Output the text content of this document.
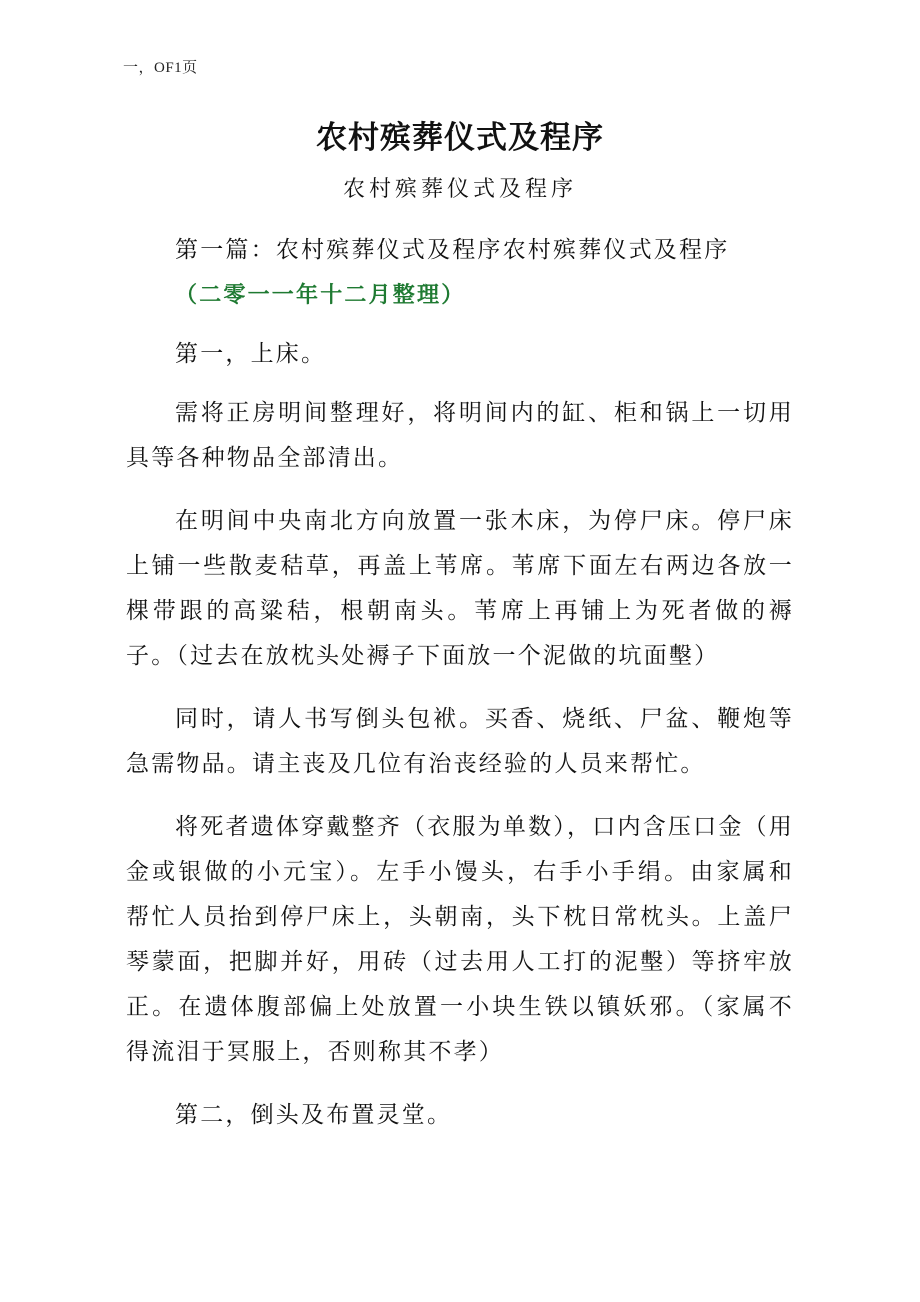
一，OF1页
农村殡葬仪式及程序

农村殡葬仪式及程序

第一篇：农村殡葬仪式及程序农村殡葬仪式及程序

（二零一一年十二月整理）

第一，上床。

需将正房明间整理好，将明间内的缸、柜和锅上一切用具等各种物品全部清出。

在明间中央南北方向放置一张木床，为停尸床。停尸床上铺一些散麦秸草，再盖上苇席。苇席下面左右两边各放一棵带跟的高粱秸，根朝南头。苇席上再铺上为死者做的褥子。（过去在放枕头处褥子下面放一个泥做的坑面墼）

同时，请人书写倒头包袱。买香、烧纸、尸盆、鞭炮等急需物品。请主丧及几位有治丧经验的人员来帮忙。

将死者遗体穿戴整齐（衣服为单数），口内含压口金（用金或银做的小元宝）。左手小馒头，右手小手绢。由家属和帮忙人员抬到停尸床上，头朝南，头下枕日常枕头。上盖尸琴蒙面，把脚并好，用砖（过去用人工打的泥墼）等挤牢放正。在遗体腹部偏上处放置一小块生铁以镇妖邪。（家属不得流泪于冥服上，否则称其不孝）

第二，倒头及布置灵堂。
